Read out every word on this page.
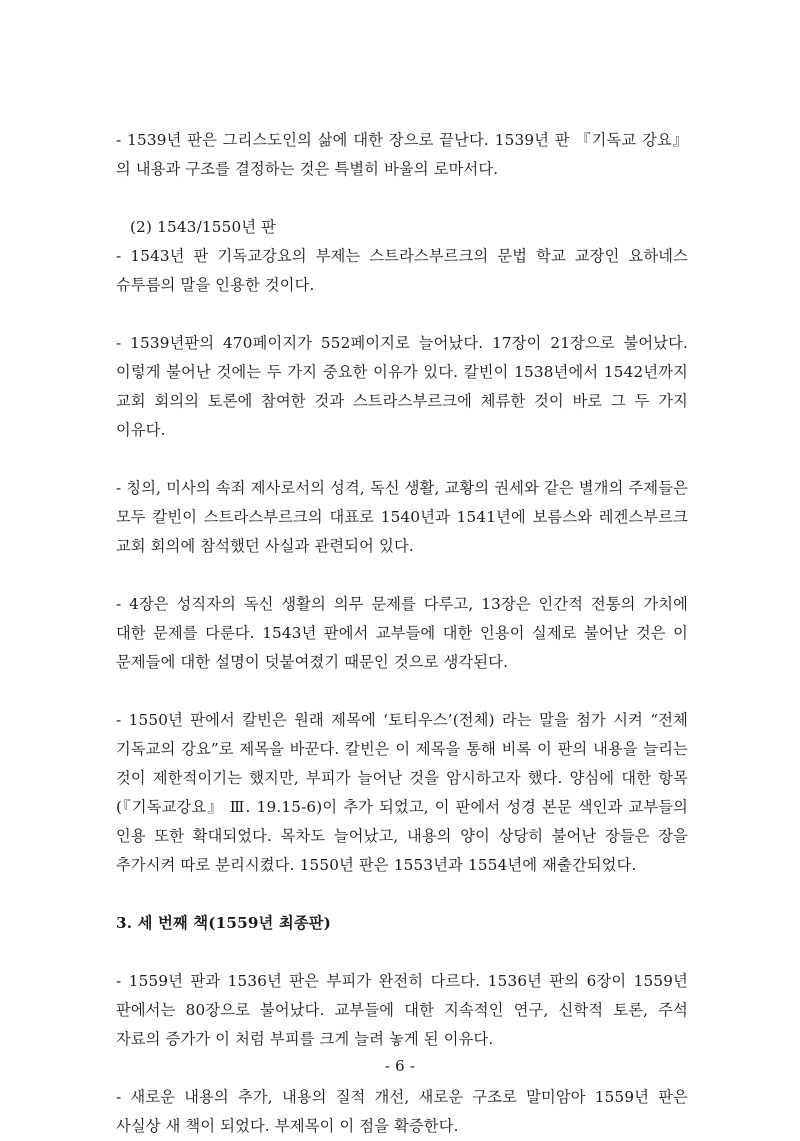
- 1539년 판은 그리스도인의 삶에 대한 장으로 끝난다. 1539년 판 『기독교 강요』의 내용과 구조를 결정하는 것은 특별히 바울의 로마서다.

(2) 1543/1550년 판

- 1543년 판 기독교강요의 부제는 스트라스부르크의 문법 학교 교장인 요하네스 슈투름의 말을 인용한 것이다.

- 1539년판의 470페이지가 552페이지로 늘어났다. 17장이 21장으로 불어났다. 이렇게 불어난 것에는 두 가지 중요한 이유가 있다. 칼빈이 1538년에서 1542년까지 교회 회의의 토론에 참여한 것과 스트라스부르크에 체류한 것이 바로 그 두 가지 이유다.

- 칭의, 미사의 속죄 제사로서의 성격, 독신 생활, 교황의 권세와 같은 별개의 주제들은 모두 칼빈이 스트라스부르크의 대표로 1540년과 1541년에 보름스와 레겐스부르크 교회 회의에 참석했던 사실과 관련되어 있다.

- 4장은 성직자의 독신 생활의 의무 문제를 다루고, 13장은 인간적 전통의 가치에 대한 문제를 다룬다. 1543년 판에서 교부들에 대한 인용이 실제로 불어난 것은 이 문제들에 대한 설명이 덧붙여졌기 때문인 것으로 생각된다.

- 1550년 판에서 칼빈은 원래 제목에 ‘토티우스’(전체) 라는 말을 첨가 시켜 “전체 기독교의 강요”로 제목을 바꾼다. 칼빈은 이 제목을 통해 비록 이 판의 내용을 늘리는 것이 제한적이기는 했지만, 부피가 늘어난 것을 암시하고자 했다. 양심에 대한 항목(『기독교강요』 Ⅲ. 19.15-6)이 추가 되었고, 이 판에서 성경 본문 색인과 교부들의 인용 또한 확대되었다. 목차도 늘어났고, 내용의 양이 상당히 불어난 장들은 장을 추가시켜 따로 분리시켰다. 1550년 판은 1553년과 1554년에 재출간되었다.

3. 세 번째 책(1559년 최종판)

- 1559년 판과 1536년 판은 부피가 완전히 다르다. 1536년 판의 6장이 1559년 판에서는 80장으로 불어났다. 교부들에 대한 지속적인 연구, 신학적 토론, 주석 자료의 증가가 이 처럼 부피를 크게 늘려 놓게 된 이유다.

- 새로운 내용의 추가, 내용의 질적 개선, 새로운 구조로 말미암아 1559년 판은 사실상 새 책이 되었다. 부제목이 이 점을 확증한다.

- 6 -
